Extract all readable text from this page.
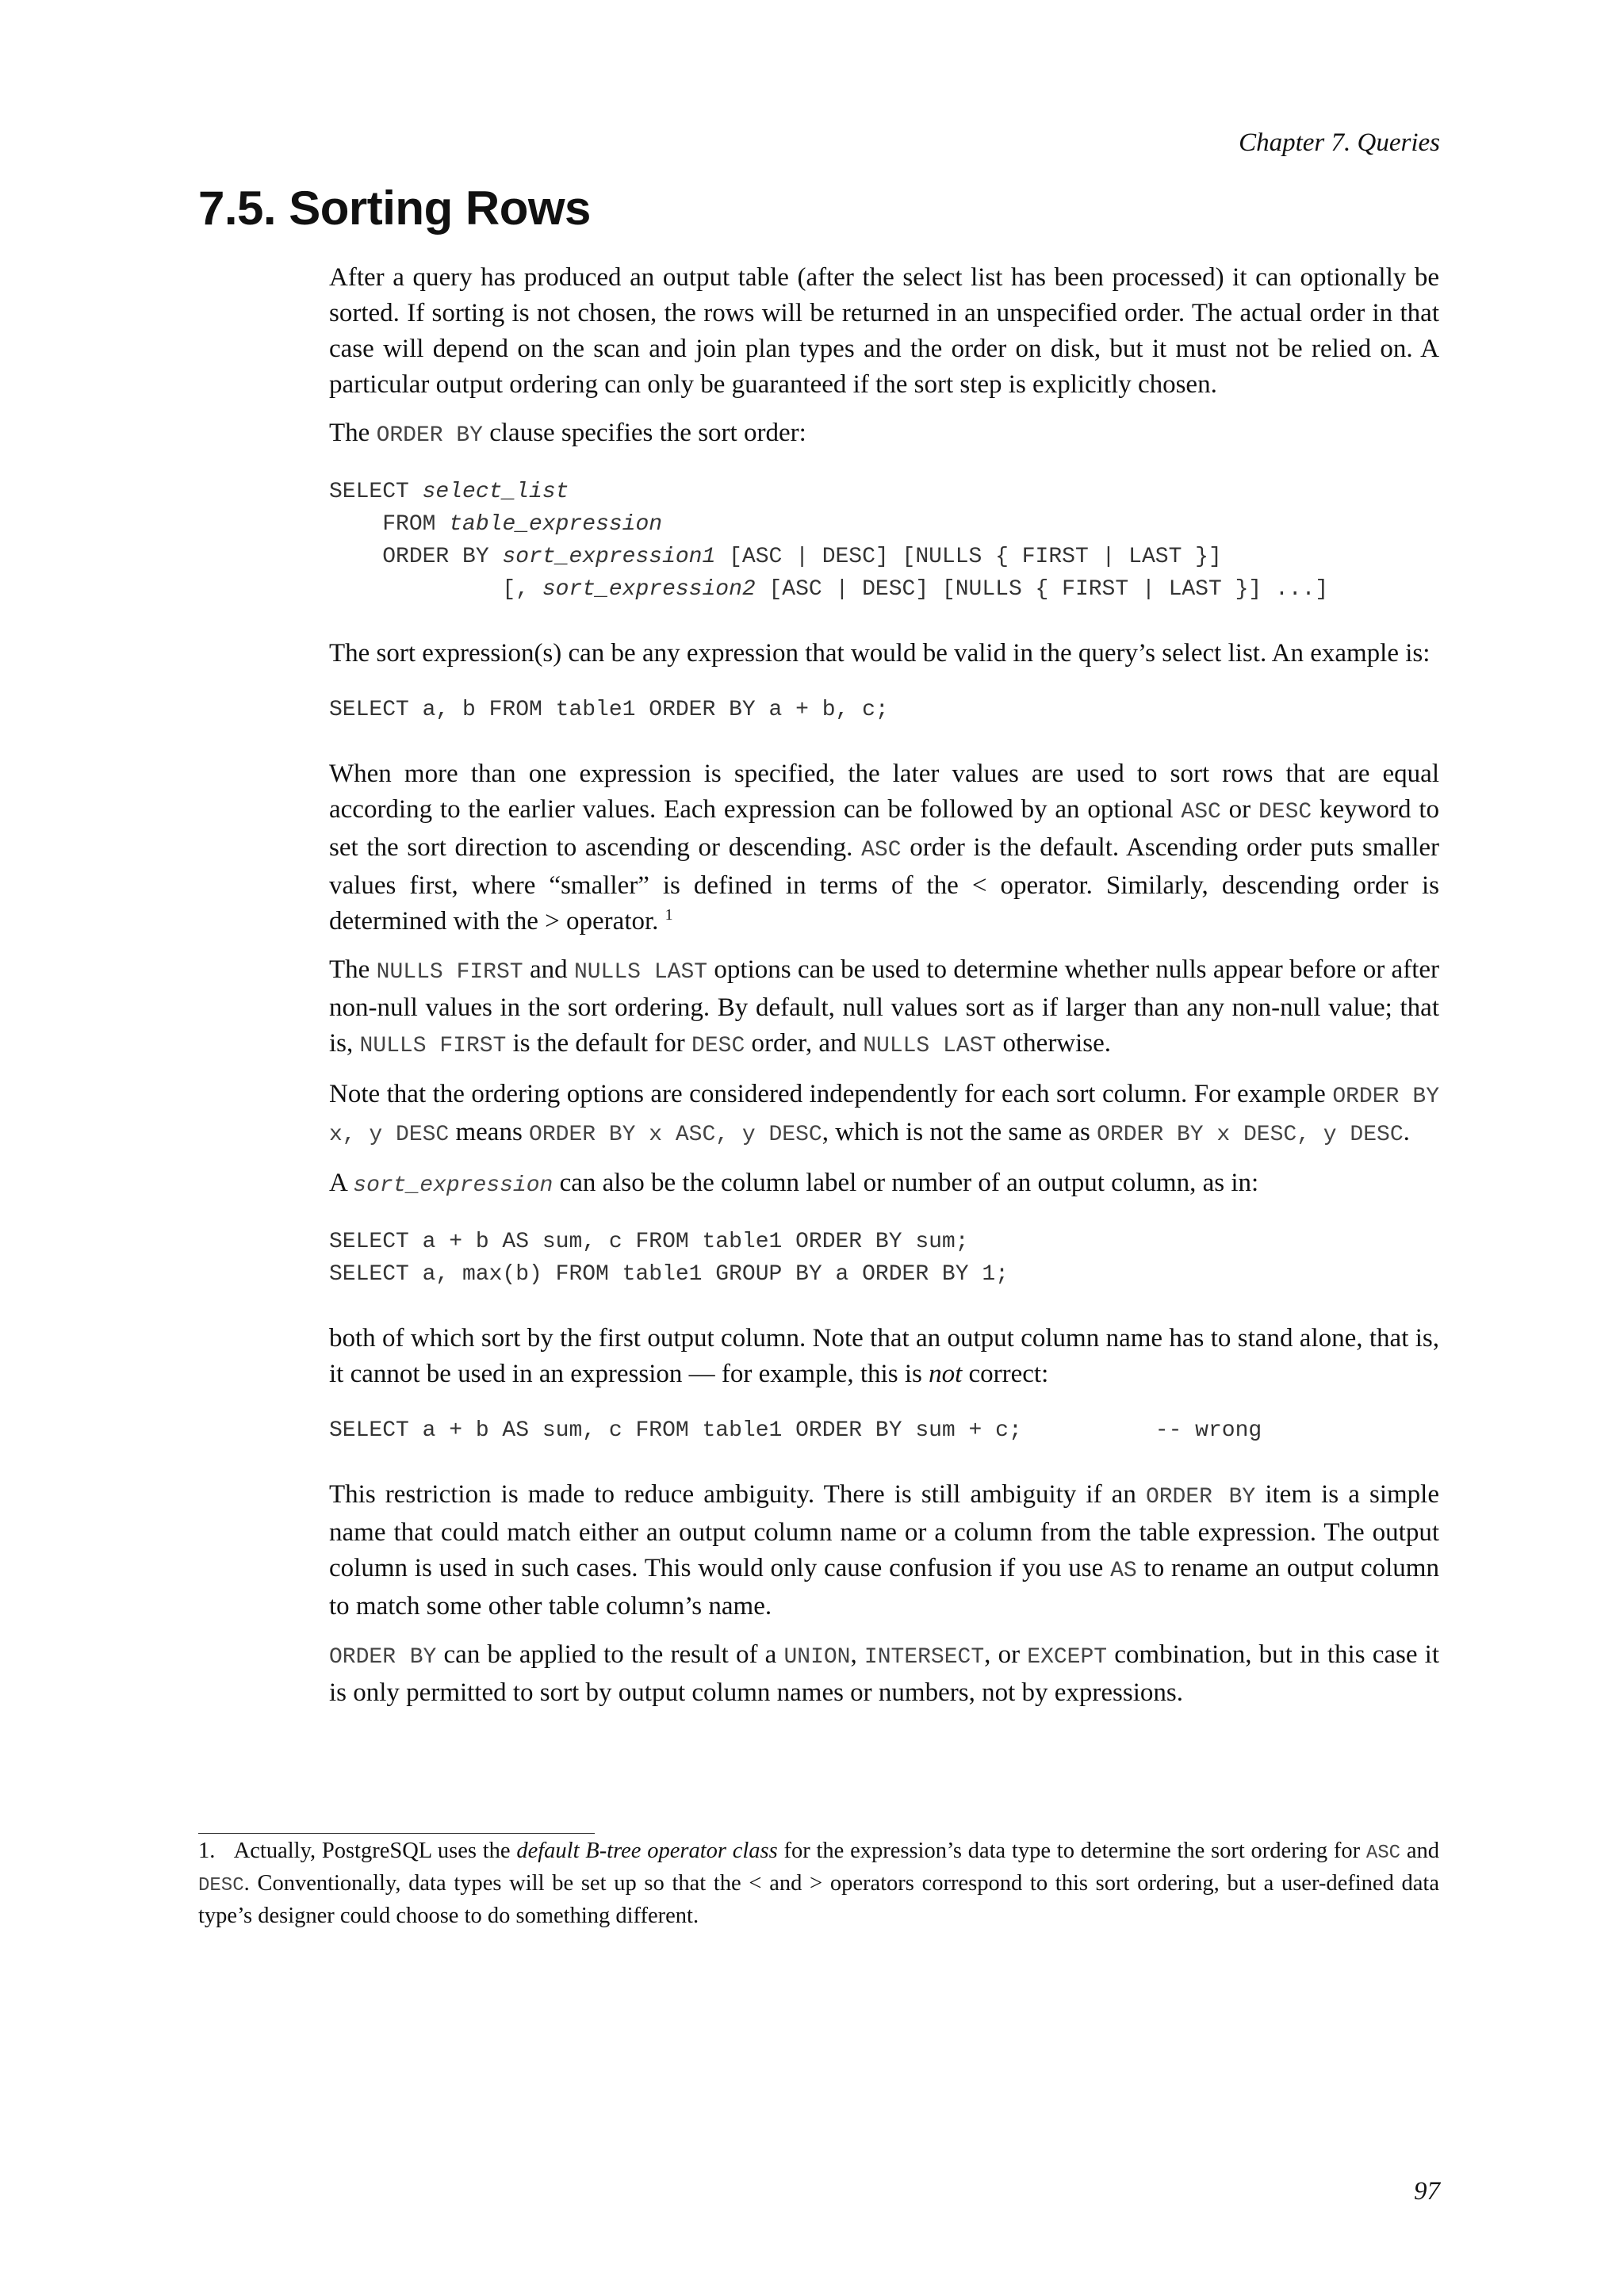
Chapter 7. Queries
7.5. Sorting Rows

After a query has produced an output table (after the select list has been processed) it can optionally be sorted. If sorting is not chosen, the rows will be returned in an unspecified order. The actual order in that case will depend on the scan and join plan types and the order on disk, but it must not be relied on. A particular output ordering can only be guaranteed if the sort step is explicitly chosen.

The ORDER BY clause specifies the sort order:

SELECT select_list
FROM table_expression
ORDER BY sort_expression1 [ASC | DESC] [NULLS { FIRST | LAST }]
[, sort_expression2 [ASC | DESC] [NULLS { FIRST | LAST }] ...]

The sort expression(s) can be any expression that would be valid in the query’s select list. An example is:

SELECT a, b FROM table1 ORDER BY a + b, c;

When more than one expression is specified, the later values are used to sort rows that are equal according to the earlier values. Each expression can be followed by an optional ASC or DESC keyword to set the sort direction to ascending or descending. ASC order is the default. Ascending order puts smaller values first, where “smaller” is defined in terms of the < operator. Similarly, descending order is determined with the > operator. $^1$

The NULLS FIRST and NULLS LAST options can be used to determine whether nulls appear before or after non-null values in the sort ordering. By default, null values sort as if larger than any non-null value; that is, NULLS FIRST is the default for DESC order, and NULLS LAST otherwise.

Note that the ordering options are considered independently for each sort column. For example ORDER BY x, y DESC means ORDER BY x ASC, y DESC, which is not the same as ORDER BY x DESC, y DESC.

A sort_expression can also be the column label or number of an output column, as in:

SELECT a + b AS sum, c FROM table1 ORDER BY sum;
SELECT a, max(b) FROM table1 GROUP BY a ORDER BY 1;

both of which sort by the first output column. Note that an output column name has to stand alone, that is, it cannot be used in an expression — for example, this is not correct:

SELECT a + b AS sum, c FROM table1 ORDER BY sum + c;          -- wrong

This restriction is made to reduce ambiguity. There is still ambiguity if an ORDER BY item is a simple name that could match either an output column name or a column from the table expression. The output column is used in such cases. This would only cause confusion if you use AS to rename an output column to match some other table column’s name.

ORDER BY can be applied to the result of a UNION, INTERSECT, or EXCEPT combination, but in this case it is only permitted to sort by output column names or numbers, not by expressions.

1. Actually, PostgreSQL uses the default B-tree operator class for the expression’s data type to determine the sort ordering for ASC and DESC. Conventionally, data types will be set up so that the < and > operators correspond to this sort ordering, but a user-defined data type’s designer could choose to do something different.
97
